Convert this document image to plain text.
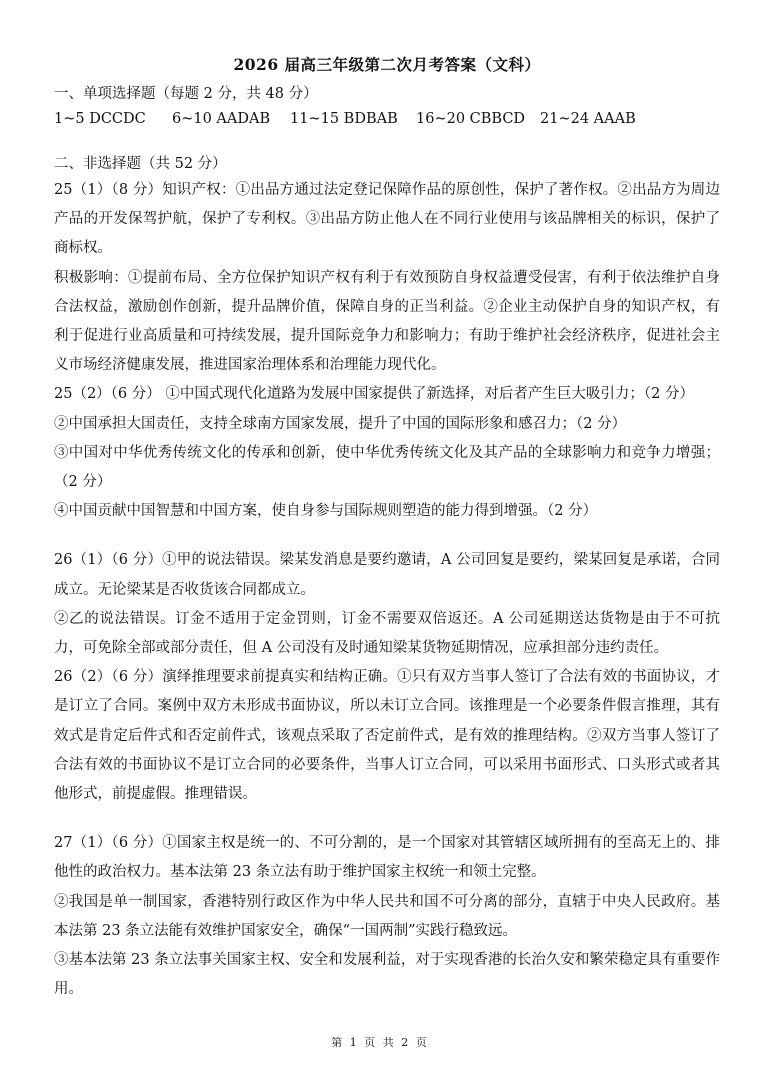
2026 届高三年级第二次月考答案（文科）
一、单项选择题（每题 2 分，共 48 分）
1~5 DCCDC	6~10 AADAB	11~15 BDBAB	16~20 CBBCD	21~24 AAAB
二、非选择题（共 52 分）

25（1）（8 分）知识产权：①出品方通过法定登记保障作品的原创性，保护了著作权。②出品方为周边产品的开发保驾护航，保护了专利权。③出品方防止他人在不同行业使用与该品牌相关的标识，保护了商标权。

积极影响：①提前布局、全方位保护知识产权有利于有效预防自身权益遭受侵害，有利于依法维护自身合法权益，激励创作创新，提升品牌价值，保障自身的正当利益。②企业主动保护自身的知识产权，有利于促进行业高质量和可持续发展，提升国际竞争力和影响力；有助于维护社会经济秩序，促进社会主义市场经济健康发展，推进国家治理体系和治理能力现代化。

25（2）（6 分） ①中国式现代化道路为发展中国家提供了新选择，对后者产生巨大吸引力；（2 分）

②中国承担大国责任，支持全球南方国家发展，提升了中国的国际形象和感召力；（2 分）

③中国对中华优秀传统文化的传承和创新，使中华优秀传统文化及其产品的全球影响力和竞争力增强；（2 分）

④中国贡献中国智慧和中国方案，使自身参与国际规则塑造的能力得到增强。（2 分）

26（1）（6 分）①甲的说法错误。梁某发消息是要约邀请，A 公司回复是要约，梁某回复是承诺，合同成立。无论梁某是否收货该合同都成立。

②乙的说法错误。订金不适用于定金罚则，订金不需要双倍返还。A 公司延期送达货物是由于不可抗力，可免除全部或部分责任，但 A 公司没有及时通知梁某货物延期情况，应承担部分违约责任。

26（2）（6 分）演绎推理要求前提真实和结构正确。①只有双方当事人签订了合法有效的书面协议，才是订立了合同。案例中双方未形成书面协议，所以未订立合同。该推理是一个必要条件假言推理，其有效式是肯定后件式和否定前件式，该观点采取了否定前件式，是有效的推理结构。②双方当事人签订了合法有效的书面协议不是订立合同的必要条件，当事人订立合同，可以采用书面形式、口头形式或者其他形式，前提虚假。推理错误。

27（1）（6 分）①国家主权是统一的、不可分割的，是一个国家对其管辖区域所拥有的至高无上的、排他性的政治权力。基本法第 23 条立法有助于维护国家主权统一和领土完整。

②我国是单一制国家，香港特别行政区作为中华人民共和国不可分离的部分，直辖于中央人民政府。基本法第 23 条立法能有效维护国家安全，确保“一国两制”实践行稳致远。

③基本法第 23 条立法事关国家主权、安全和发展利益，对于实现香港的长治久安和繁荣稳定具有重要作用。

第 1 页 共 2 页
